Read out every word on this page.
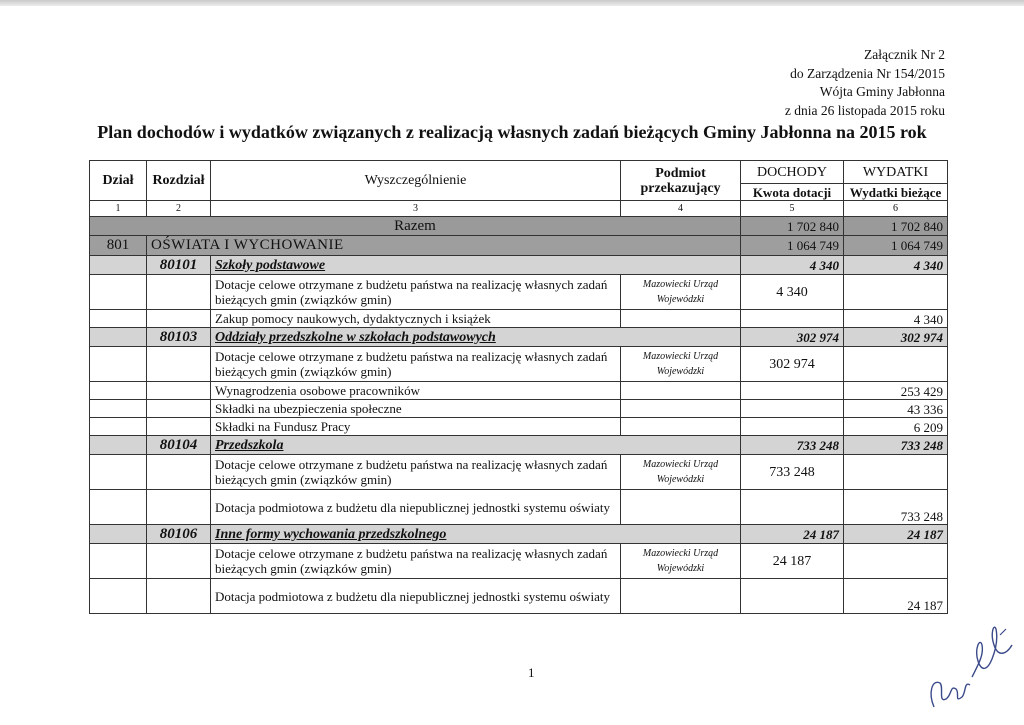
Załącznik Nr 2
do Zarządzenia Nr 154/2015
Wójta Gminy Jabłonna
z dnia 26 listopada 2015 roku
Plan dochodów i wydatków związanych z realizacją własnych zadań bieżących Gminy Jabłonna na 2015 rok
Dział	Rozdział	Wyszczególnienie	Podmiot przekazujący	DOCHODY	WYDATKI
				Kwota dotacji	Wydatki bieżące
1	2	3	4	5	6
Razem				1 702 840	1 702 840
801	OŚWIATA I WYCHOWANIE			1 064 749	1 064 749
	80101	Szkoły podstawowe		4 340	4 340
		Dotacje celowe otrzymane z budżetu państwa na realizację własnych zadań bieżących gmin (związków gmin)	Mazowiecki Urząd Wojewódzki	4 340	
		Zakup pomocy naukowych, dydaktycznych i książek			4 340
	80103	Oddziały przedszkolne w szkołach podstawowych		302 974	302 974
		Dotacje celowe otrzymane z budżetu państwa na realizację własnych zadań bieżących gmin (związków gmin)	Mazowiecki Urząd Wojewódzki	302 974	
		Wynagrodzenia osobowe pracowników			253 429
		Składki na ubezpieczenia społeczne			43 336
		Składki na Fundusz Pracy			6 209
	80104	Przedszkola		733 248	733 248
		Dotacje celowe otrzymane z budżetu państwa na realizację własnych zadań bieżących gmin (związków gmin)	Mazowiecki Urząd Wojewódzki	733 248	
		Dotacja podmiotowa z budżetu dla niepublicznej jednostki systemu oświaty			733 248
	80106	Inne formy wychowania przedszkolnego		24 187	24 187
		Dotacje celowe otrzymane z budżetu państwa na realizację własnych zadań bieżących gmin (związków gmin)	Mazowiecki Urząd Wojewódzki	24 187	
		Dotacja podmiotowa z budżetu dla niepublicznej jednostki systemu oświaty			24 187
1
